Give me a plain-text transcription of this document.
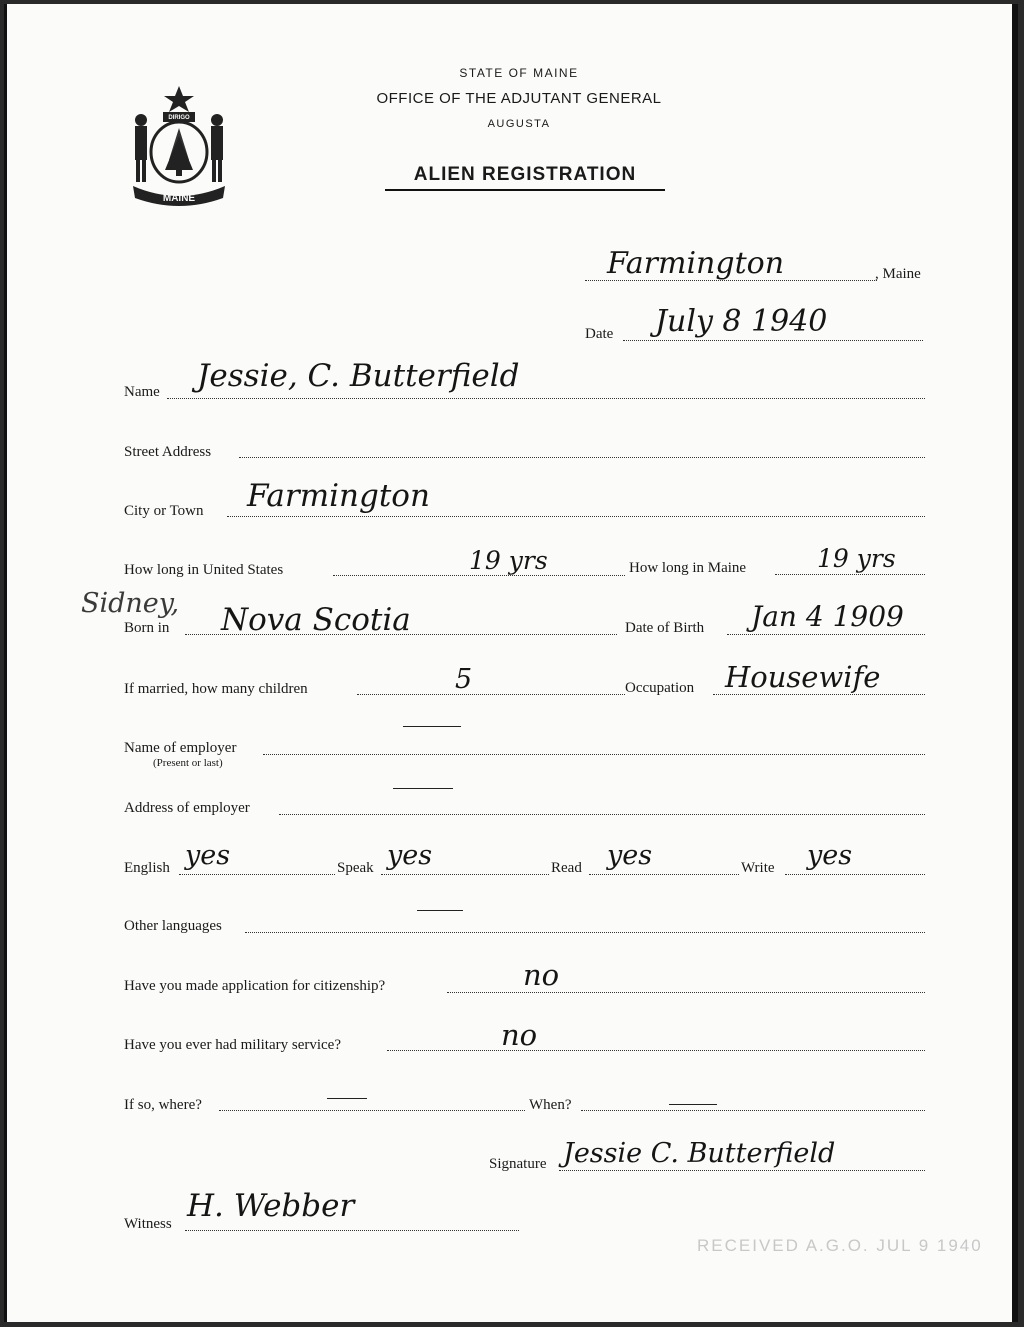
MAINE
DIRIGO
STATE OF MAINE
OFFICE OF THE ADJUTANT GENERAL
AUGUSTA
ALIEN REGISTRATION
Farmington	, Maine
Date July 8 1940
Name Jessie, C. Butterfield
Street Address
City or Town Farmington
How long in United States	19 yrs	How long in Maine	19 yrs
Sidney,
Born in Nova Scotia	Date of Birth Jan 4 1909
If married, how many children	5	Occupation Housewife
Name of employer
(Present or last)
Address of employer
English yes	Speak yes	Read yes	Write yes
Other languages
Have you made application for citizenship?	no
Have you ever had military service?	no
If so, where?	When?
Signature Jessie C. Butterfield
Witness H. Webber
RECEIVED A.G.O. JUL 9 1940
